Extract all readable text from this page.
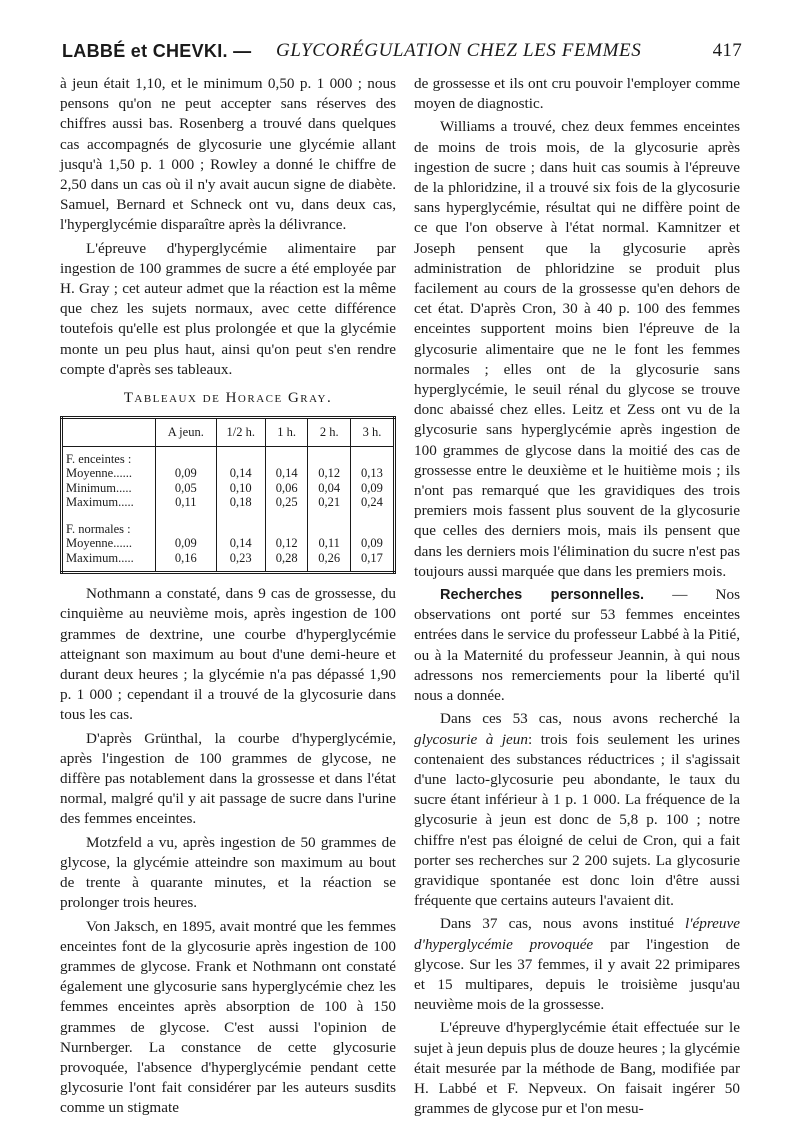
LABBÉ et CHEVKI. — GLYCORÉGULATION CHEZ LES FEMMES	417

à jeun était 1,10, et le minimum 0,50 p. 1 000 ; nous pensons qu'on ne peut accepter sans réserves des chiffres aussi bas. Rosenberg a trouvé dans quelques cas accompagnés de glycosurie une glycémie allant jusqu'à 1,50 p. 1 000 ; Rowley a donné le chiffre de 2,50 dans un cas où il n'y avait aucun signe de diabète. Samuel, Bernard et Schneck ont vu, dans deux cas, l'hyperglycémie disparaître après la délivrance.

L'épreuve d'hyperglycémie alimentaire par ingestion de 100 grammes de sucre a été employée par H. Gray ; cet auteur admet que la réaction est la même que chez les sujets normaux, avec cette différence toutefois qu'elle est plus prolongée et que la glycémie monte un peu plus haut, ainsi qu'on peut s'en rendre compte d'après ses tableaux.

Tableaux de Horace Gray.

	A jeun.	1/2 h.	1 h.	2 h.	3 h.
F. enceintes :					
Moyenne......	0,09	0,14	0,14	0,12	0,13
Minimum.....	0,05	0,10	0,06	0,04	0,09
Maximum.....	0,11	0,18	0,25	0,21	0,24
F. normales :					
Moyenne......	0,09	0,14	0,12	0,11	0,09
Maximum.....	0,16	0,23	0,28	0,26	0,17

Nothmann a constaté, dans 9 cas de grossesse, du cinquième au neuvième mois, après ingestion de 100 grammes de dextrine, une courbe d'hyperglycémie atteignant son maximum au bout d'une demi-heure et durant deux heures ; la glycémie n'a pas dépassé 1,90 p. 1 000 ; cependant il a trouvé de la glycosurie dans tous les cas.

D'après Grünthal, la courbe d'hyperglycémie, après l'ingestion de 100 grammes de glycose, ne diffère pas notablement dans la grossesse et dans l'état normal, malgré qu'il y ait passage de sucre dans l'urine des femmes enceintes.

Motzfeld a vu, après ingestion de 50 grammes de glycose, la glycémie atteindre son maximum au bout de trente à quarante minutes, et la réaction se prolonger trois heures.

Von Jaksch, en 1895, avait montré que les femmes enceintes font de la glycosurie après ingestion de 100 grammes de glycose. Frank et Nothmann ont constaté également une glycosurie sans hyperglycémie chez les femmes enceintes après absorption de 100 à 150 grammes de glycose. C'est aussi l'opinion de Nurnberger. La constance de cette glycosurie provoquée, l'absence d'hyperglycémie pendant cette glycosurie l'ont fait considérer par les auteurs susdits comme un stigmate

de grossesse et ils ont cru pouvoir l'employer comme moyen de diagnostic.

Williams a trouvé, chez deux femmes enceintes de moins de trois mois, de la glycosurie après ingestion de sucre ; dans huit cas soumis à l'épreuve de la phloridzine, il a trouvé six fois de la glycosurie sans hyperglycémie, résultat qui ne diffère point de ce que l'on observe à l'état normal. Kamnitzer et Joseph pensent que la glycosurie après administration de phloridzine se produit plus facilement au cours de la grossesse qu'en dehors de cet état. D'après Cron, 30 à 40 p. 100 des femmes enceintes supportent moins bien l'épreuve de la glycosurie alimentaire que ne le font les femmes normales ; elles ont de la glycosurie sans hyperglycémie, le seuil rénal du glycose se trouve donc abaissé chez elles. Leitz et Zess ont vu de la glycosurie sans hyperglycémie après ingestion de 100 grammes de glycose dans la moitié des cas de grossesse entre le deuxième et le huitième mois ; ils n'ont pas remarqué que les gravidiques des trois premiers mois fassent plus souvent de la glycosurie que celles des derniers mois, mais ils pensent que dans les derniers mois l'élimination du sucre n'est pas toujours aussi marquée que dans les premiers mois.

Recherches personnelles. — Nos observations ont porté sur 53 femmes enceintes entrées dans le service du professeur Labbé à la Pitié, ou à la Maternité du professeur Jeannin, à qui nous adressons nos remerciements pour la liberté qu'il nous a donnée.

Dans ces 53 cas, nous avons recherché la glycosurie à jeun: trois fois seulement les urines contenaient des substances réductrices ; il s'agissait d'une lacto-glycosurie peu abondante, le taux du sucre étant inférieur à 1 p. 1 000. La fréquence de la glycosurie à jeun est donc de 5,8 p. 100 ; notre chiffre n'est pas éloigné de celui de Cron, qui a fait porter ses recherches sur 2 200 sujets. La glycosurie gravidique spontanée est donc loin d'être aussi fréquente que certains auteurs l'avaient dit.

Dans 37 cas, nous avons institué l'épreuve d'hyperglycémie provoquée par l'ingestion de glycose. Sur les 37 femmes, il y avait 22 primipares et 15 multipares, depuis le troisième jusqu'au neuvième mois de la grossesse.

L'épreuve d'hyperglycémie était effectuée sur le sujet à jeun depuis plus de douze heures ; la glycémie était mesurée par la méthode de Bang, modifiée par H. Labbé et F. Nepveux. On faisait ingérer 50 grammes de glycose pur et l'on mesu-
